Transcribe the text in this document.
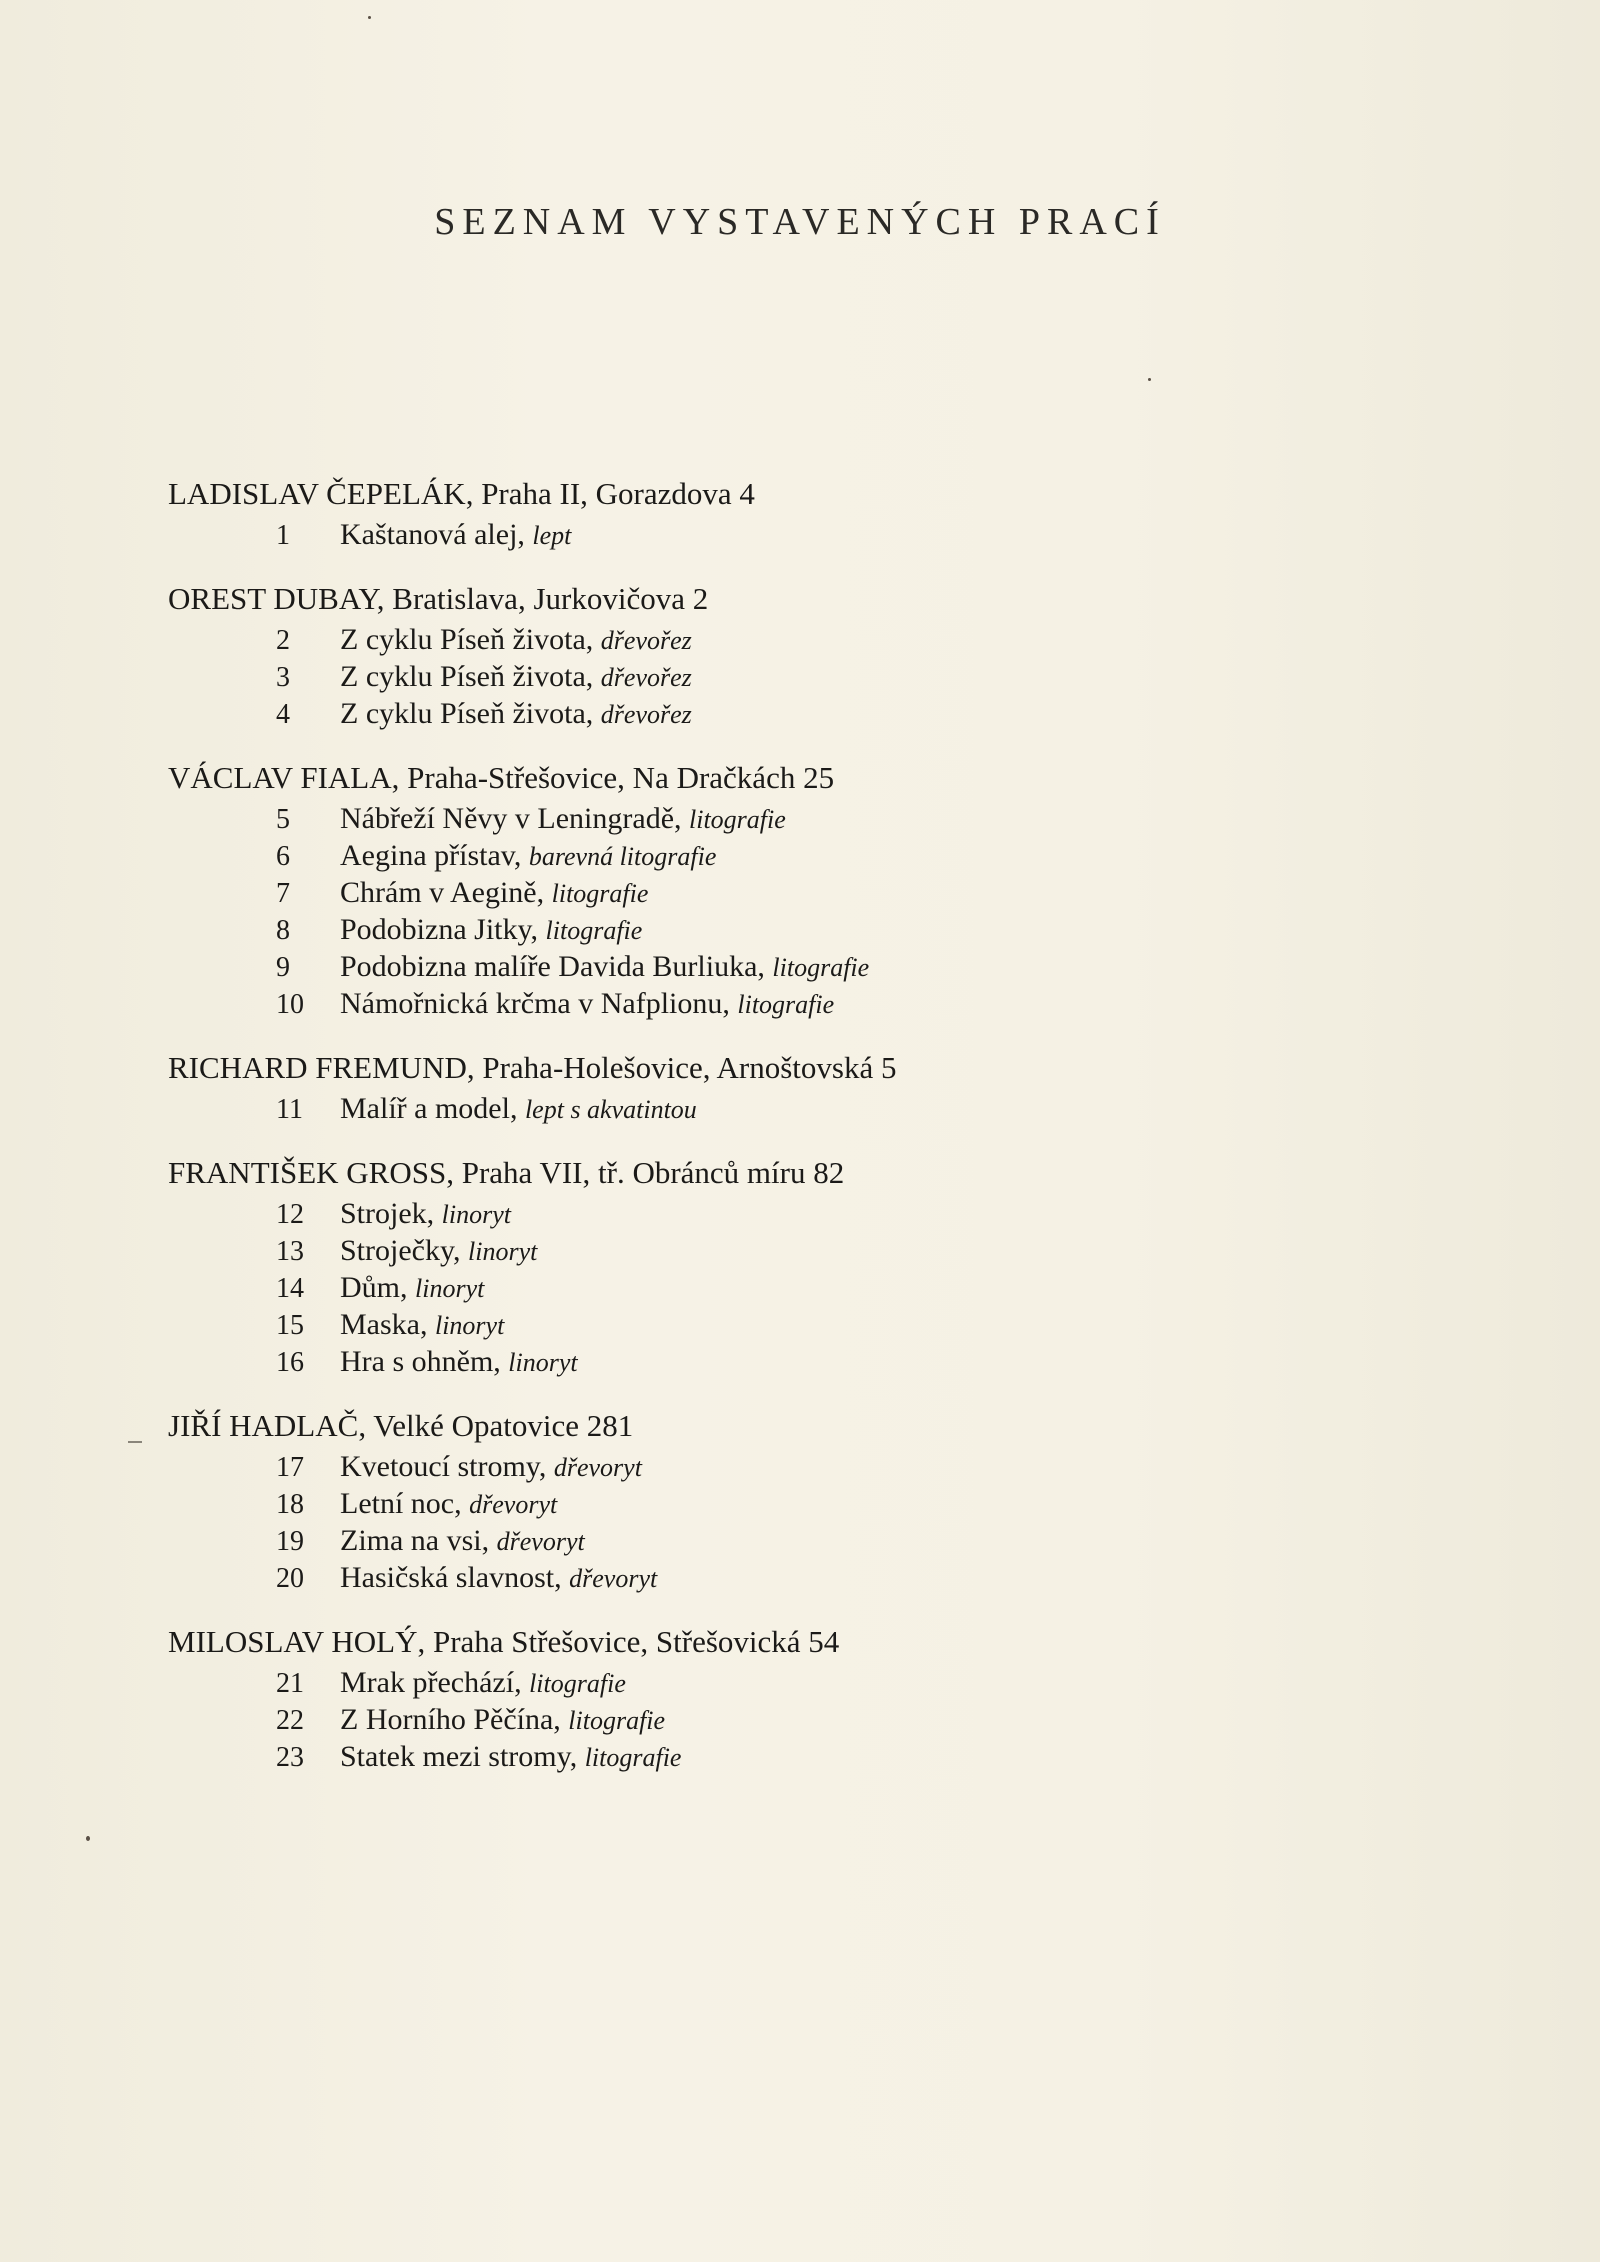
SEZNAM VYSTAVENÝCH PRACÍ
LADISLAV ČEPELÁK, Praha II, Gorazdova 4
1 Kaštanová alej, lept
OREST DUBAY, Bratislava, Jurkovičova 2
2 Z cyklu Píseň života, dřevořez
3 Z cyklu Píseň života, dřevořez
4 Z cyklu Píseň života, dřevořez
VÁCLAV FIALA, Praha-Střešovice, Na Dračkách 25
5 Nábřeží Něvy v Leningradě, litografie
6 Aegina přístav, barevná litografie
7 Chrám v Aegině, litografie
8 Podobizna Jitky, litografie
9 Podobizna malíře Davida Burliuka, litografie
10 Námořnická krčma v Nafplionu, litografie
RICHARD FREMUND, Praha-Holešovice, Arnoštovská 5
11 Malíř a model, lept s akvatintou
FRANTIŠEK GROSS, Praha VII, tř. Obránců míru 82
12 Strojek, linoryt
13 Stroječky, linoryt
14 Dům, linoryt
15 Maska, linoryt
16 Hra s ohněm, linoryt
JIŘÍ HADLAČ, Velké Opatovice 281
17 Kvetoucí stromy, dřevoryt
18 Letní noc, dřevoryt
19 Zima na vsi, dřevoryt
20 Hasičská slavnost, dřevoryt
MILOSLAV HOLÝ, Praha Střešovice, Střešovická 54
21 Mrak přechází, litografie
22 Z Horního Pěčína, litografie
23 Statek mezi stromy, litografie
